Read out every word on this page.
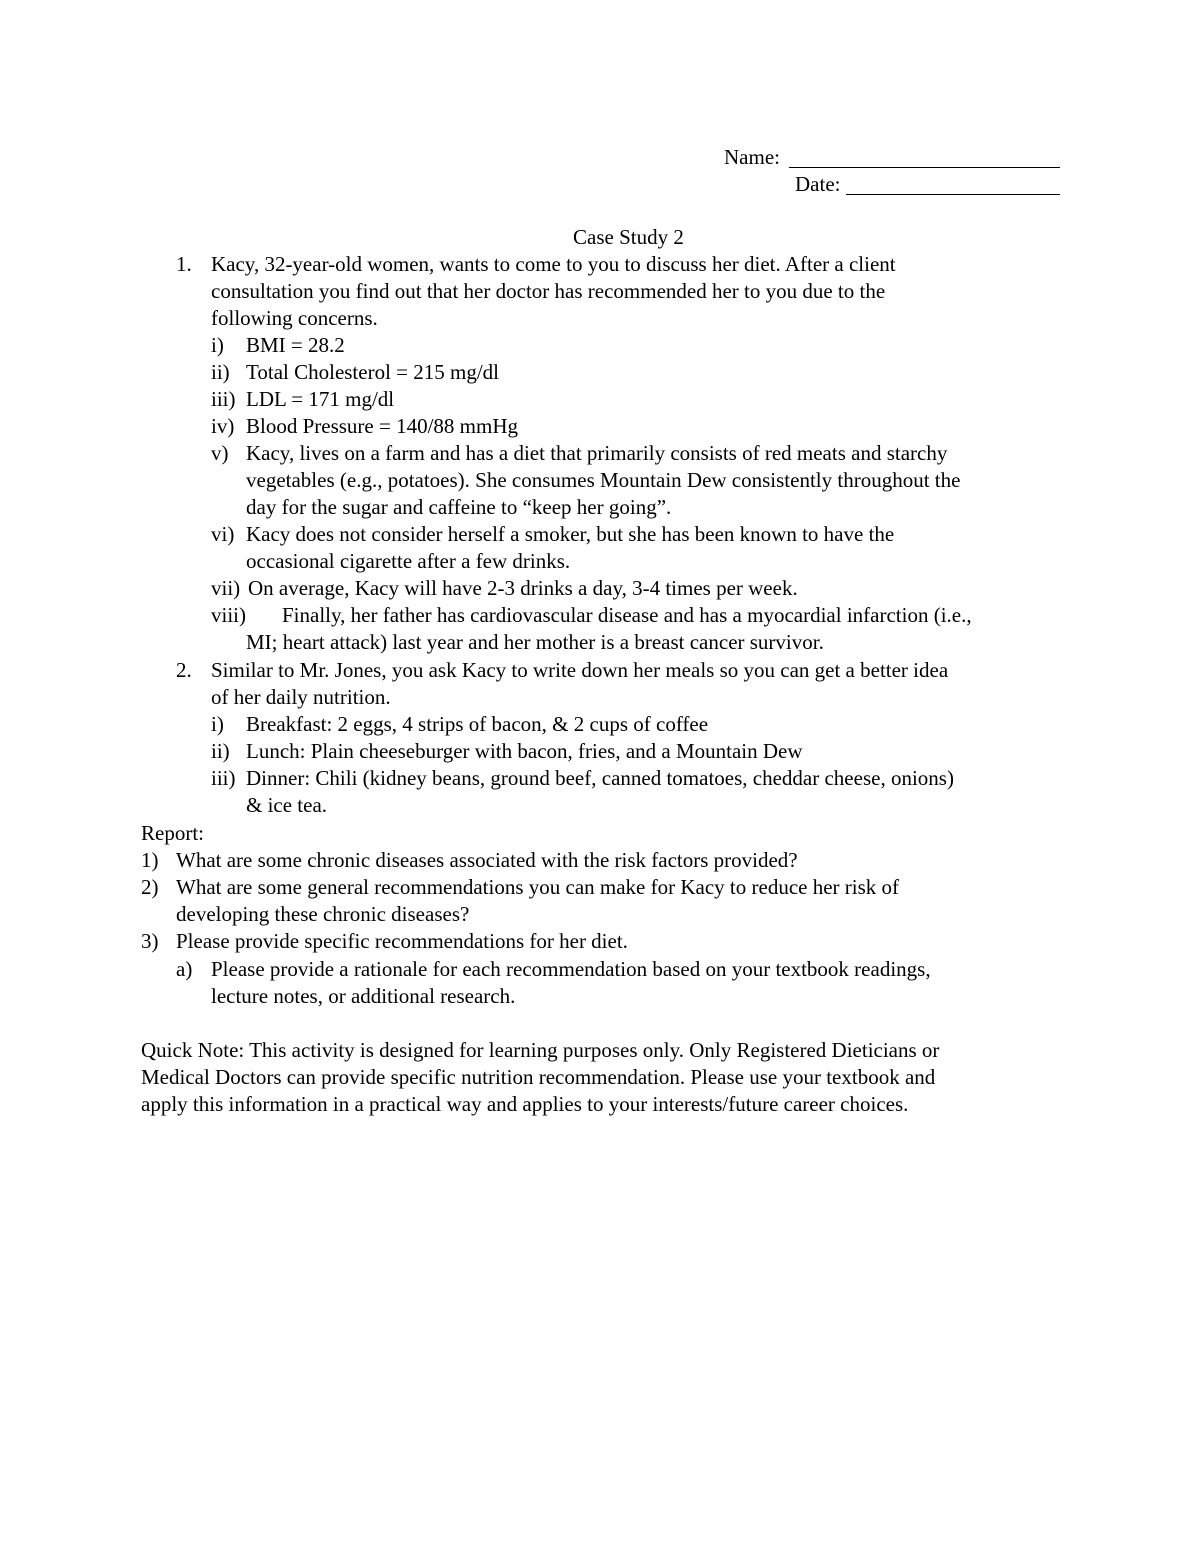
Name:
Date:
Case Study 2
1. Kacy, 32-year-old women, wants to come to you to discuss her diet. After a client
consultation you find out that her doctor has recommended her to you due to the
following concerns.
i) BMI = 28.2
ii) Total Cholesterol = 215 mg/dl
iii) LDL = 171 mg/dl
iv) Blood Pressure = 140/88 mmHg
v) Kacy, lives on a farm and has a diet that primarily consists of red meats and starchy
vegetables (e.g., potatoes). She consumes Mountain Dew consistently throughout the
day for the sugar and caffeine to “keep her going”.
vi) Kacy does not consider herself a smoker, but she has been known to have the
occasional cigarette after a few drinks.
vii) On average, Kacy will have 2-3 drinks a day, 3-4 times per week.
viii) Finally, her father has cardiovascular disease and has a myocardial infarction (i.e.,
MI; heart attack) last year and her mother is a breast cancer survivor.
2. Similar to Mr. Jones, you ask Kacy to write down her meals so you can get a better idea
of her daily nutrition.
i) Breakfast: 2 eggs, 4 strips of bacon, & 2 cups of coffee
ii) Lunch: Plain cheeseburger with bacon, fries, and a Mountain Dew
iii) Dinner: Chili (kidney beans, ground beef, canned tomatoes, cheddar cheese, onions)
& ice tea.
Report:
1) What are some chronic diseases associated with the risk factors provided?
2) What are some general recommendations you can make for Kacy to reduce her risk of
developing these chronic diseases?
3) Please provide specific recommendations for her diet.
a) Please provide a rationale for each recommendation based on your textbook readings,
lecture notes, or additional research.
Quick Note: This activity is designed for learning purposes only. Only Registered Dieticians or
Medical Doctors can provide specific nutrition recommendation. Please use your textbook and
apply this information in a practical way and applies to your interests/future career choices.
